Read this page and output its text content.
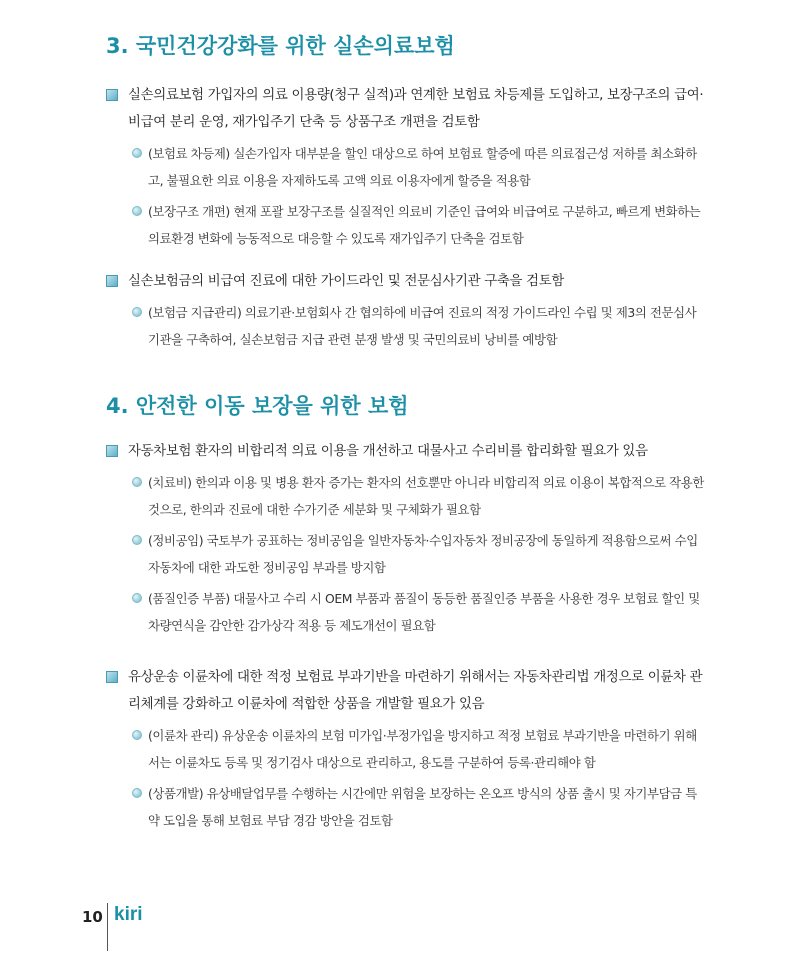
3. 국민건강강화를 위한 실손의료보험
실손의료보험 가입자의 의료 이용량(청구 실적)과 연계한 보험료 차등제를 도입하고, 보장구조의 급여·비급여 분리 운영, 재가입주기 단축 등 상품구조 개편을 검토함
(보험료 차등제) 실손가입자 대부분을 할인 대상으로 하여 보험료 할증에 따른 의료접근성 저하를 최소화하고, 불필요한 의료 이용을 자제하도록 고액 의료 이용자에게 할증을 적용함
(보장구조 개편) 현재 포괄 보장구조를 실질적인 의료비 기준인 급여와 비급여로 구분하고, 빠르게 변화하는 의료환경 변화에 능동적으로 대응할 수 있도록 재가입주기 단축을 검토함
실손보험금의 비급여 진료에 대한 가이드라인 및 전문심사기관 구축을 검토함
(보험금 지급관리) 의료기관·보험회사 간 협의하에 비급여 진료의 적정 가이드라인 수립 및 제3의 전문심사기관을 구축하여, 실손보험금 지급 관련 분쟁 발생 및 국민의료비 낭비를 예방함
4. 안전한 이동 보장을 위한 보험
자동차보험 환자의 비합리적 의료 이용을 개선하고 대물사고 수리비를 합리화할 필요가 있음
(치료비) 한의과 이용 및 병용 환자 증가는 환자의 선호뿐만 아니라 비합리적 의료 이용이 복합적으로 작용한 것으로, 한의과 진료에 대한 수가기준 세분화 및 구체화가 필요함
(정비공임) 국토부가 공표하는 정비공임을 일반자동차·수입자동차 정비공장에 동일하게 적용함으로써 수입자동차에 대한 과도한 정비공임 부과를 방지함
(품질인증 부품) 대물사고 수리 시 OEM 부품과 품질이 동등한 품질인증 부품을 사용한 경우 보험료 할인 및 차량연식을 감안한 감가상각 적용 등 제도개선이 필요함
유상운송 이륜차에 대한 적정 보험료 부과기반을 마련하기 위해서는 자동차관리법 개정으로 이륜차 관리체계를 강화하고 이륜차에 적합한 상품을 개발할 필요가 있음
(이륜차 관리) 유상운송 이륜차의 보험 미가입·부정가입을 방지하고 적정 보험료 부과기반을 마련하기 위해서는 이륜차도 등록 및 정기검사 대상으로 관리하고, 용도를 구분하여 등록·관리해야 함
(상품개발) 유상배달업무를 수행하는 시간에만 위험을 보장하는 온오프 방식의 상품 출시 및 자기부담금 특약 도입을 통해 보험료 부담 경감 방안을 검토함
10 kiri
